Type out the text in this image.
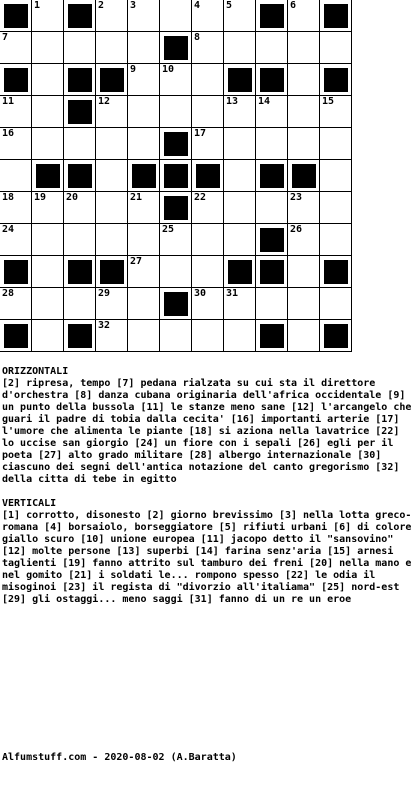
1	2	3	4	5	6
7	8
9	10
11	12	13 14	15
16	17
18 19 20	21	22	23
24	25	26
27
28	29	30 31
32

ORIZZONTALI

[2] ripresa, tempo [7] pedana rialzata su cui sta il direttore d'orchestra [8] danza cubana originaria dell'africa occidentale [9] un punto della bussola [11] le stanze meno sane [12] l'arcangelo che guari il padre di tobia dalla cecita' [16] importanti arterie [17] l'umore che alimenta le piante [18] si aziona nella lavatrice [22] lo uccise san giorgio [24] un fiore con i sepali [26] egli per il poeta [27] alto grado militare [28] albergo internazionale [30] ciascuno dei segni dell'antica notazione del canto gregorismo [32] della citta di tebe in egitto

VERTICALI

[1] corrotto, disonesto [2] giorno brevissimo [3] nella lotta greco-romana [4] borsaiolo, borseggiatore [5] rifiuti urbani [6] di colore giallo scuro [10] unione europea [11] jacopo detto il "sansovino" [12] molte persone [13] superbi [14] farina senz'aria [15] arnesi taglienti [19] fanno attrito sul tamburo dei freni [20] nella mano e nel gomito [21] i soldati le... rompono spesso [22] le odia il misoginoi [23] il regista di "divorzio all'italiama" [25] nord-est [29] gli ostaggi... meno saggi [31] fanno di un re un eroe

Alfumstuff.com - 2020-08-02 (A.Baratta)
